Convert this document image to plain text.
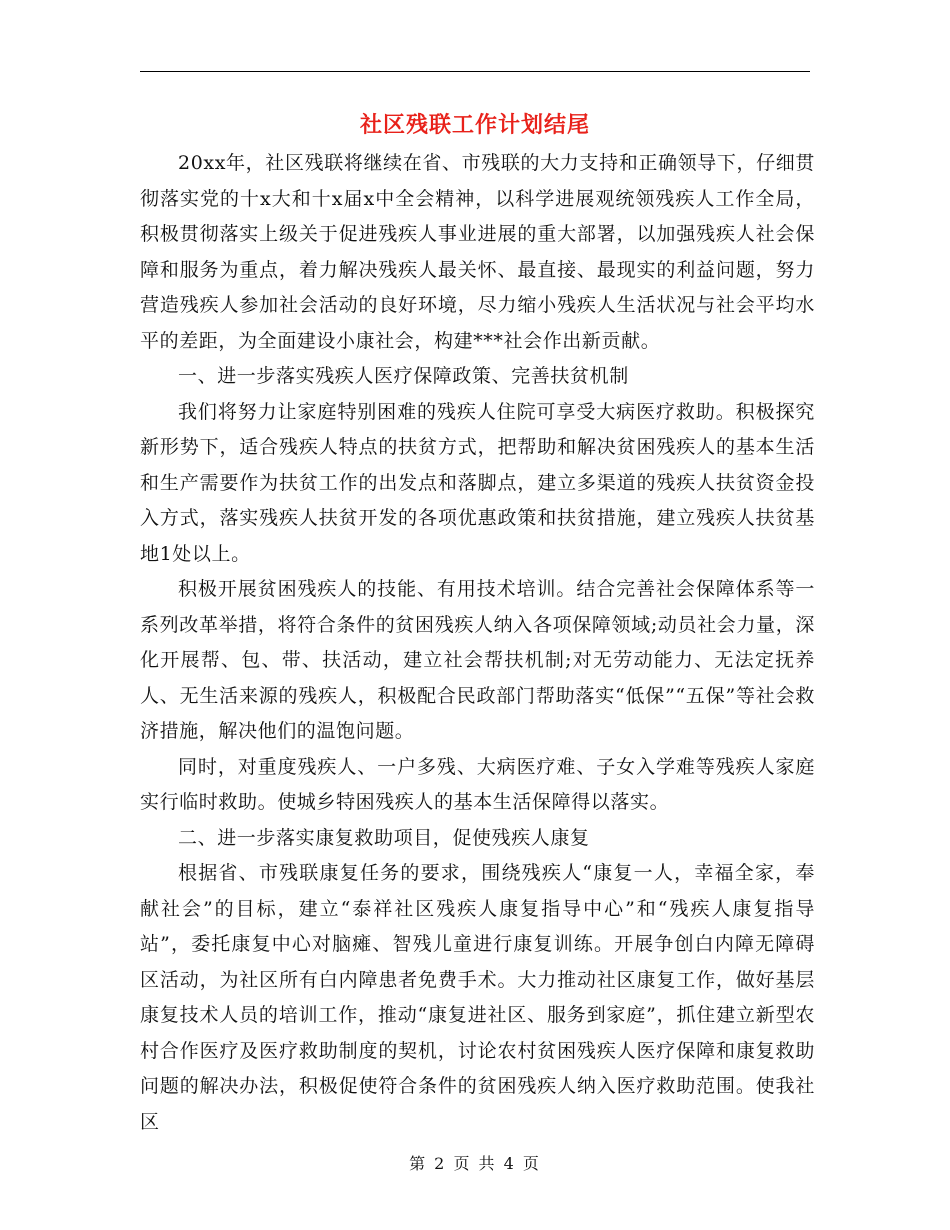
社区残联工作计划结尾

20xx年，社区残联将继续在省、市残联的大力支持和正确领导下，仔细贯彻落实党的十x大和十x届x中全会精神，以科学进展观统领残疾人工作全局，积极贯彻落实上级关于促进残疾人事业进展的重大部署，以加强残疾人社会保障和服务为重点，着力解决残疾人最关怀、最直接、最现实的利益问题，努力营造残疾人参加社会活动的良好环境，尽力缩小残疾人生活状况与社会平均水平的差距，为全面建设小康社会，构建***社会作出新贡献。

一、进一步落实残疾人医疗保障政策、完善扶贫机制

我们将努力让家庭特别困难的残疾人住院可享受大病医疗救助。积极探究新形势下，适合残疾人特点的扶贫方式，把帮助和解决贫困残疾人的基本生活和生产需要作为扶贫工作的出发点和落脚点，建立多渠道的残疾人扶贫资金投入方式，落实残疾人扶贫开发的各项优惠政策和扶贫措施，建立残疾人扶贫基地1处以上。

积极开展贫困残疾人的技能、有用技术培训。结合完善社会保障体系等一系列改革举措，将符合条件的贫困残疾人纳入各项保障领域;动员社会力量，深化开展帮、包、带、扶活动，建立社会帮扶机制;对无劳动能力、无法定抚养人、无生活来源的残疾人，积极配合民政部门帮助落实“低保”“五保”等社会救济措施，解决他们的温饱问题。

同时，对重度残疾人、一户多残、大病医疗难、子女入学难等残疾人家庭实行临时救助。使城乡特困残疾人的基本生活保障得以落实。

二、进一步落实康复救助项目，促使残疾人康复

根据省、市残联康复任务的要求，围绕残疾人“康复一人，幸福全家，奉献社会”的目标，建立“泰祥社区残疾人康复指导中心”和“残疾人康复指导站”，委托康复中心对脑瘫、智残儿童进行康复训练。开展争创白内障无障碍区活动，为社区所有白内障患者免费手术。大力推动社区康复工作，做好基层康复技术人员的培训工作，推动“康复进社区、服务到家庭”，抓住建立新型农村合作医疗及医疗救助制度的契机，讨论农村贫困残疾人医疗保障和康复救助问题的解决办法，积极促使符合条件的贫困残疾人纳入医疗救助范围。使我社区

第 2 页 共 4 页
